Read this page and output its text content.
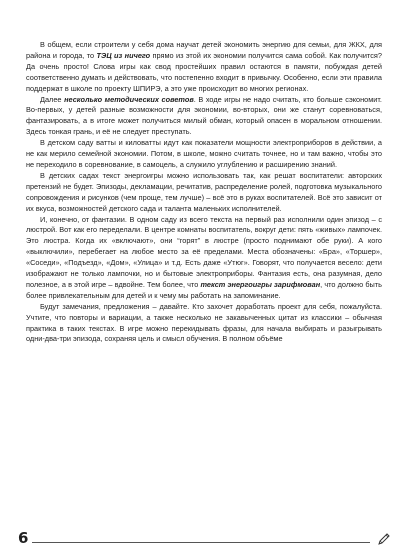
В общем, если строители у себя дома научат детей экономить энергию для семьи, для ЖКХ, для района и города, то ТЭЦ из ничего прямо из этой их экономии получится сама собой. Как получится? Да очень просто! Слова игры как свод простейших правил остаются в памяти, побуждая детей соответственно думать и действовать, что постепенно входит в привычку. Особенно, если эти правила поддержат в школе по проекту ШПИРЭ, а это уже происходит во многих регионах.

Далее несколько методических советов. В ходе игры не надо считать, кто больше сэкономит. Во-первых, у детей разные возможности для экономии, во-вторых, они же станут соревноваться, фантазировать, а в итоге может получиться милый обман, который опасен в моральном отношении. Здесь тонкая грань, и её не следует преступать.

В детском саду ватты и киловатты идут как показатели мощности электроприборов в действии, а не как мерило семейной экономии. Потом, в школе, можно считать точнее, но и там важно, чтобы это не переходило в соревнование, в самоцель, а служило углублению и расширению знаний.

В детских садах текст энергоигры можно использовать так, как решат воспитатели: авторских претензий не будет. Эпизоды, декламации, речитатив, распределение ролей, подготовка музыкального сопровождения и рисунков (чем проще, тем лучше) – всё это в руках воспитателей. Всё это зависит от их вкуса, возможностей детского сада и таланта маленьких исполнителей.

И, конечно, от фантазии. В одном саду из всего текста на первый раз исполнили один эпизод – с люстрой. Вот как его переделали. В центре комнаты воспитатель, вокруг дети: пять «живых» лампочек. Это люстра. Когда их «включают», они “горят” в люстре (просто поднимают обе руки). А кого «выключили», перебегает на любое место за её пределами. Места обозначены: «Бра», «Торшер», «Соседи», «Подъезд», «Дом», «Улица» и т.д. Есть даже «Утюг». Говорят, что получается весело: дети изображают не только лампочки, но и бытовые электроприборы. Фантазия есть, она разумная, дело полезное, а в этой игре – вдвойне. Тем более, что текст энергоигры зарифмован, что должно быть более привлекательным для детей и к чему мы работать на запоминание.

Будут замечания, предложения – давайте. Кто захочет доработать проект для себя, пожалуйста. Учтите, что повторы и вариации, а также несколько не закавыченных цитат из классики – обычная практика в таких текстах. В игре можно перекидывать фразы, для начала выбирать и разыгрывать одни-два-три эпизода, сохраняя цель и смысл обучения. В полном объёме

6
